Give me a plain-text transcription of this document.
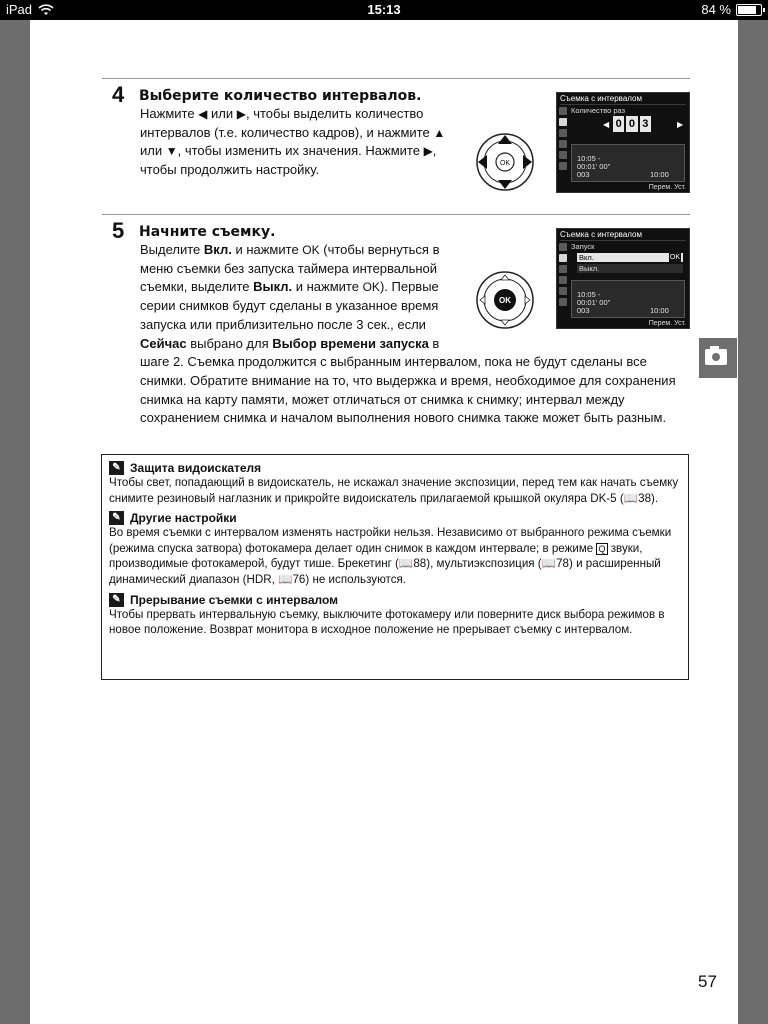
iPad	15:13	84 %
4 Выберите количество интервалов.
Нажмите ◀ или ▶, чтобы выделить количество интервалов (т.е. количество кадров), и нажмите ▲ или ▼, чтобы изменить их значения. Нажмите ▶, чтобы продолжить настройку.	OK
Съемка с интервалом
Количество раз
◀ 0 0 3	▶
10:05 -
00:01' 00"
003	10:00
Перем. Уст.
5 Начните съемку.
Выделите Вкл. и нажмите OK (чтобы вернуться в меню съемки без запуска таймера интервальной съемки, выделите Выкл. и нажмите OK). Первые серии снимков будут сделаны в указанное время запуска или приблизительно после 3 сек., если Сейчас выбрано для Выбор времени запуска в шаге 2. Съемка продолжится с выбранным интервалом, пока не будут сделаны все снимки. Обратите внимание на то, что выдержка и время, необходимое для сохранения снимка на карту памяти, может отличаться от снимка к снимку; интервал между сохранением снимка и началом выполнения нового снимка также может быть разным.
OK
Съемка с интервалом
Запуск
Вкл.	OK
Выкл.
10:05 -
00:01' 00"
003	10:00
Перем. Уст.
✎ Защита видоискателя
Чтобы свет, попадающий в видоискатель, не искажал значение экспозиции, перед тем как начать съемку снимите резиновый наглазник и прикройте видоискатель прилагаемой крышкой окуляра DK-5 (📖38).
✎ Другие настройки
Во время съемки с интервалом изменять настройки нельзя. Независимо от выбранного режима съемки (режима спуска затвора) фотокамера делает один снимок в каждом интервале; в режиме Q звуки, производимые фотокамерой, будут тише. Брекетинг (📖88), мультиэкспозиция (📖78) и расширенный динамический диапазон (HDR, 📖76) не используются.
✎ Прерывание съемки с интервалом
Чтобы прервать интервальную съемку, выключите фотокамеру или поверните диск выбора режимов в новое положение. Возврат монитора в исходное положение не прерывает съемку с интервалом.
57
